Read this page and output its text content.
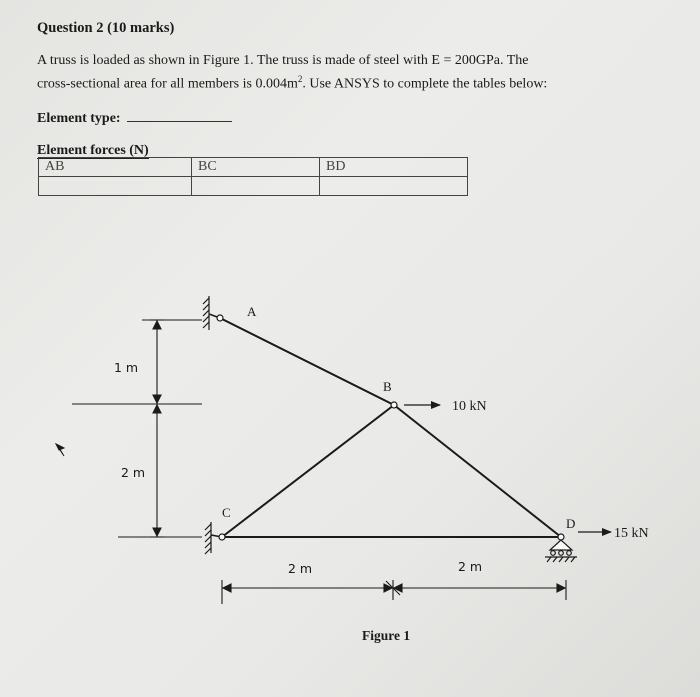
Question 2 (10 marks)
A truss is loaded as shown in Figure 1. The truss is made of steel with E = 200GPa. The
cross-sectional area for all members is $0.004m^2$. Use ANSYS to complete the tables below:
Element type:
Element forces (N)
AB	BC	BD

A
B
C
D
10 kN
15 kN
1 m
2 m
2 m	2 m
Figure 1
